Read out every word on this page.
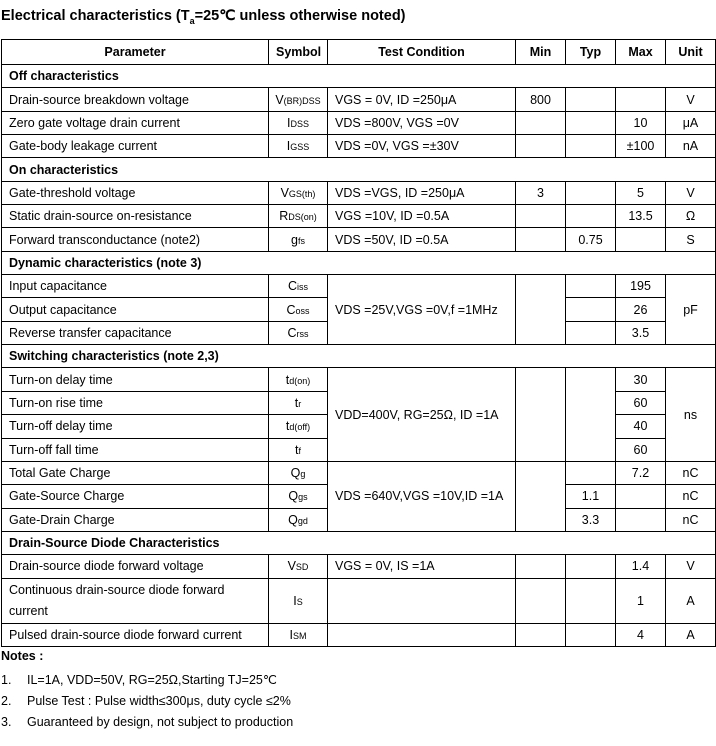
Electrical characteristics ($T_a=25℃$ unless otherwise noted)
Parameter	Symbol	Test Condition	Min	Typ	Max	Unit
Off characteristics						
Drain-source breakdown voltage	V(BR)DSS	VGS = 0V, ID =250μA	800			V
Zero gate voltage drain current	IDSS	VDS =800V, VGS =0V			10	μA
Gate-body leakage current	IGSS	VDS =0V, VGS =±30V			±100	nA
On characteristics						
Gate-threshold voltage	VGS(th)	VDS =VGS, ID =250μA	3		5	V
Static drain-source on-resistance	RDS(on)	VGS =10V, ID =0.5A			13.5	Ω
Forward transconductance (note2)	gfs	VDS =50V, ID =0.5A		0.75		S
Dynamic characteristics (note 3)						
Input capacitance	Ciss	VDS =25V,VGS =0V,f =1MHz			195	pF
Output capacitance	Coss				26	
Reverse transfer capacitance	Crss				3.5	
Switching characteristics (note 2,3)						
Turn-on delay time	td(on)	VDD=400V, RG=25Ω, ID =1A			30	ns
Turn-on rise time	tr				60	
Turn-off delay time	td(off)				40	
Turn-off fall time	tf				60	
Total Gate Charge	Qg	VDS =640V,VGS =10V,ID =1A			7.2	nC
Gate-Source Charge	Qgs			1.1		nC
Gate-Drain Charge	Qgd			3.3		nC
Drain-Source Diode Characteristics						
Drain-source diode forward voltage	VSD	VGS = 0V, IS =1A			1.4	V
Continuous drain-source diode forward
current	IS				1	A
Pulsed drain-source diode forward current	ISM				4	A
Notes :
1. IL=1A, VDD=50V, RG=25Ω,Starting TJ=25℃
2. Pulse Test : Pulse width≤300μs, duty cycle ≤2%
3. Guaranteed by design, not subject to production
